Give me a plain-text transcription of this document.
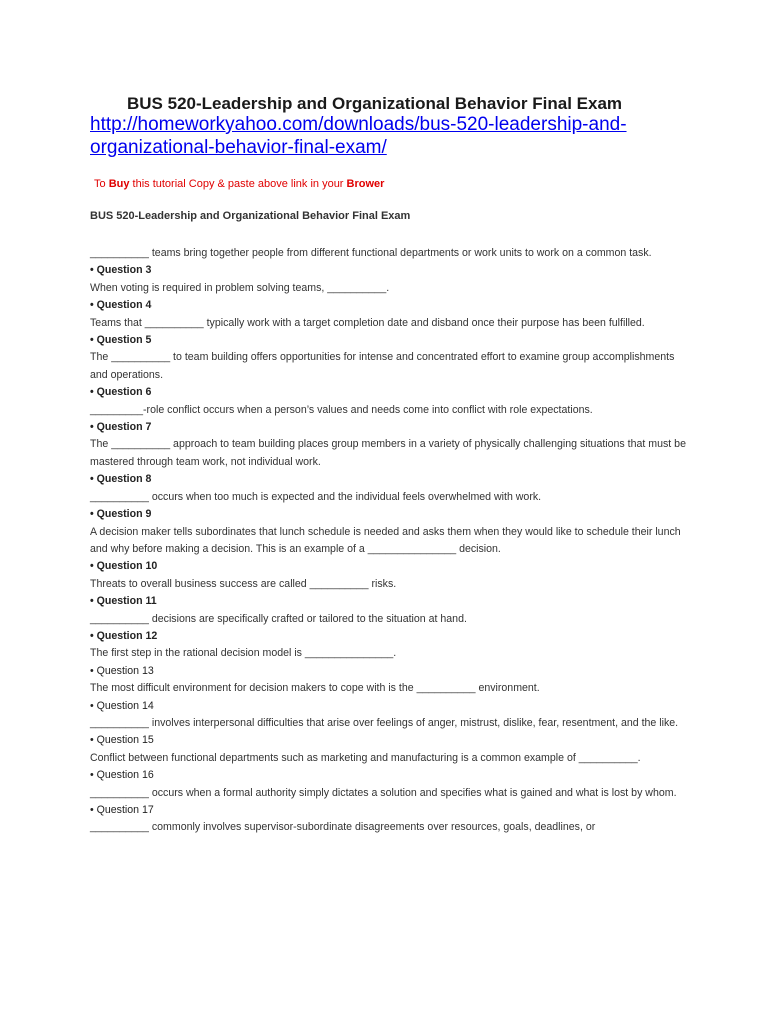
BUS 520-Leadership and Organizational Behavior Final Exam

http://homeworkyahoo.com/downloads/bus-520-leadership-and-
organizational-behavior-final-exam/

To Buy this tutorial Copy & paste above link in your Brower

BUS 520-Leadership and Organizational Behavior Final Exam

__________ teams bring together people from different functional departments or work units to work on a common task.

• Question 3

When voting is required in problem solving teams, __________.

• Question 4

Teams that __________ typically work with a target completion date and disband once their purpose has been fulfilled.

• Question 5

The __________ to team building offers opportunities for intense and concentrated effort to examine group accomplishments and operations.

• Question 6

_________-role conflict occurs when a person’s values and needs come into conflict with role expectations.

• Question 7

The __________ approach to team building places group members in a variety of physically challenging situations that must be mastered through team work, not individual work.

• Question 8

__________ occurs when too much is expected and the individual feels overwhelmed with work.

• Question 9

A decision maker tells subordinates that lunch schedule is needed and asks them when they would like to schedule their lunch and why before making a decision. This is an example of a _______________ decision.

• Question 10

Threats to overall business success are called __________ risks.

• Question 11

__________ decisions are specifically crafted or tailored to the situation at hand.

• Question 12

The first step in the rational decision model is _______________.

• Question 13

The most difficult environment for decision makers to cope with is the __________ environment.

• Question 14

__________ involves interpersonal difficulties that arise over feelings of anger, mistrust, dislike, fear, resentment, and the like.

• Question 15

Conflict between functional departments such as marketing and manufacturing is a common example of __________.

• Question 16

__________ occurs when a formal authority simply dictates a solution and specifies what is gained and what is lost by whom.

• Question 17

__________ commonly involves supervisor-subordinate disagreements over resources, goals, deadlines, or
